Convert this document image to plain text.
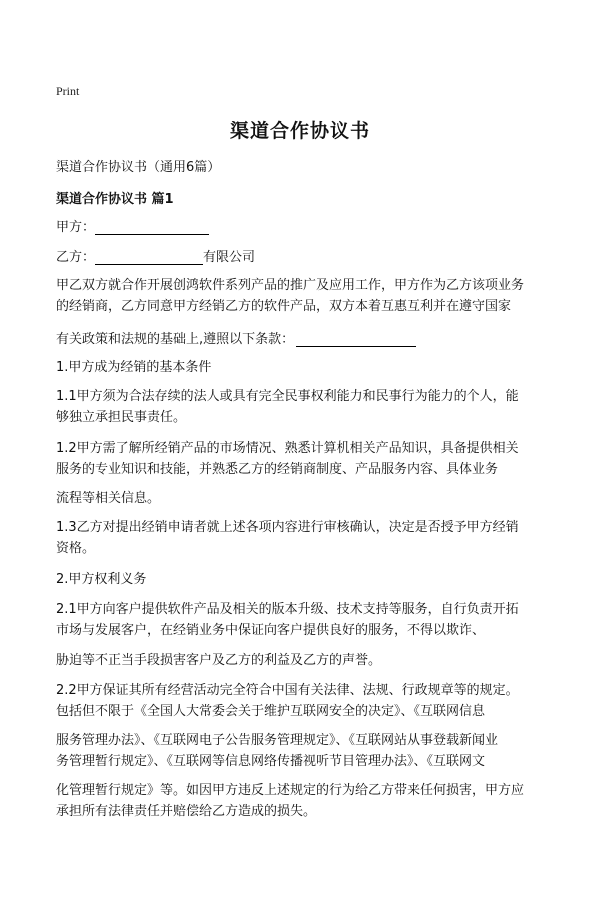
Print
渠道合作协议书
渠道合作协议书（通用6篇）
渠道合作协议书 篇1
甲方：
乙方：	有限公司
甲乙双方就合作开展创鸿软件系列产品的推广及应用工作，甲方作为乙方该项业务
的经销商，乙方同意甲方经销乙方的软件产品，双方本着互惠互利并在遵守国家
有关政策和法规的基础上,遵照以下条款：
1.甲方成为经销的基本条件
1.1甲方须为合法存续的法人或具有完全民事权利能力和民事行为能力的个人，能
够独立承担民事责任。
1.2甲方需了解所经销产品的市场情况、熟悉计算机相关产品知识，具备提供相关
服务的专业知识和技能，并熟悉乙方的经销商制度、产品服务内容、具体业务
流程等相关信息。
1.3乙方对提出经销申请者就上述各项内容进行审核确认，决定是否授予甲方经销
资格。
2.甲方权利义务
2.1甲方向客户提供软件产品及相关的版本升级、技术支持等服务，自行负责开拓
市场与发展客户，在经销业务中保证向客户提供良好的服务，不得以欺诈、
胁迫等不正当手段损害客户及乙方的利益及乙方的声誉。
2.2甲方保证其所有经营活动完全符合中国有关法律、法规、行政规章等的规定。
包括但不限于《全国人大常委会关于维护互联网安全的决定》、《互联网信息
服务管理办法》、《互联网电子公告服务管理规定》、《互联网站从事登载新闻业
务管理暂行规定》、《互联网等信息网络传播视听节目管理办法》、《互联网文
化管理暂行规定》等。如因甲方违反上述规定的行为给乙方带来任何损害，甲方应
承担所有法律责任并赔偿给乙方造成的损失。
